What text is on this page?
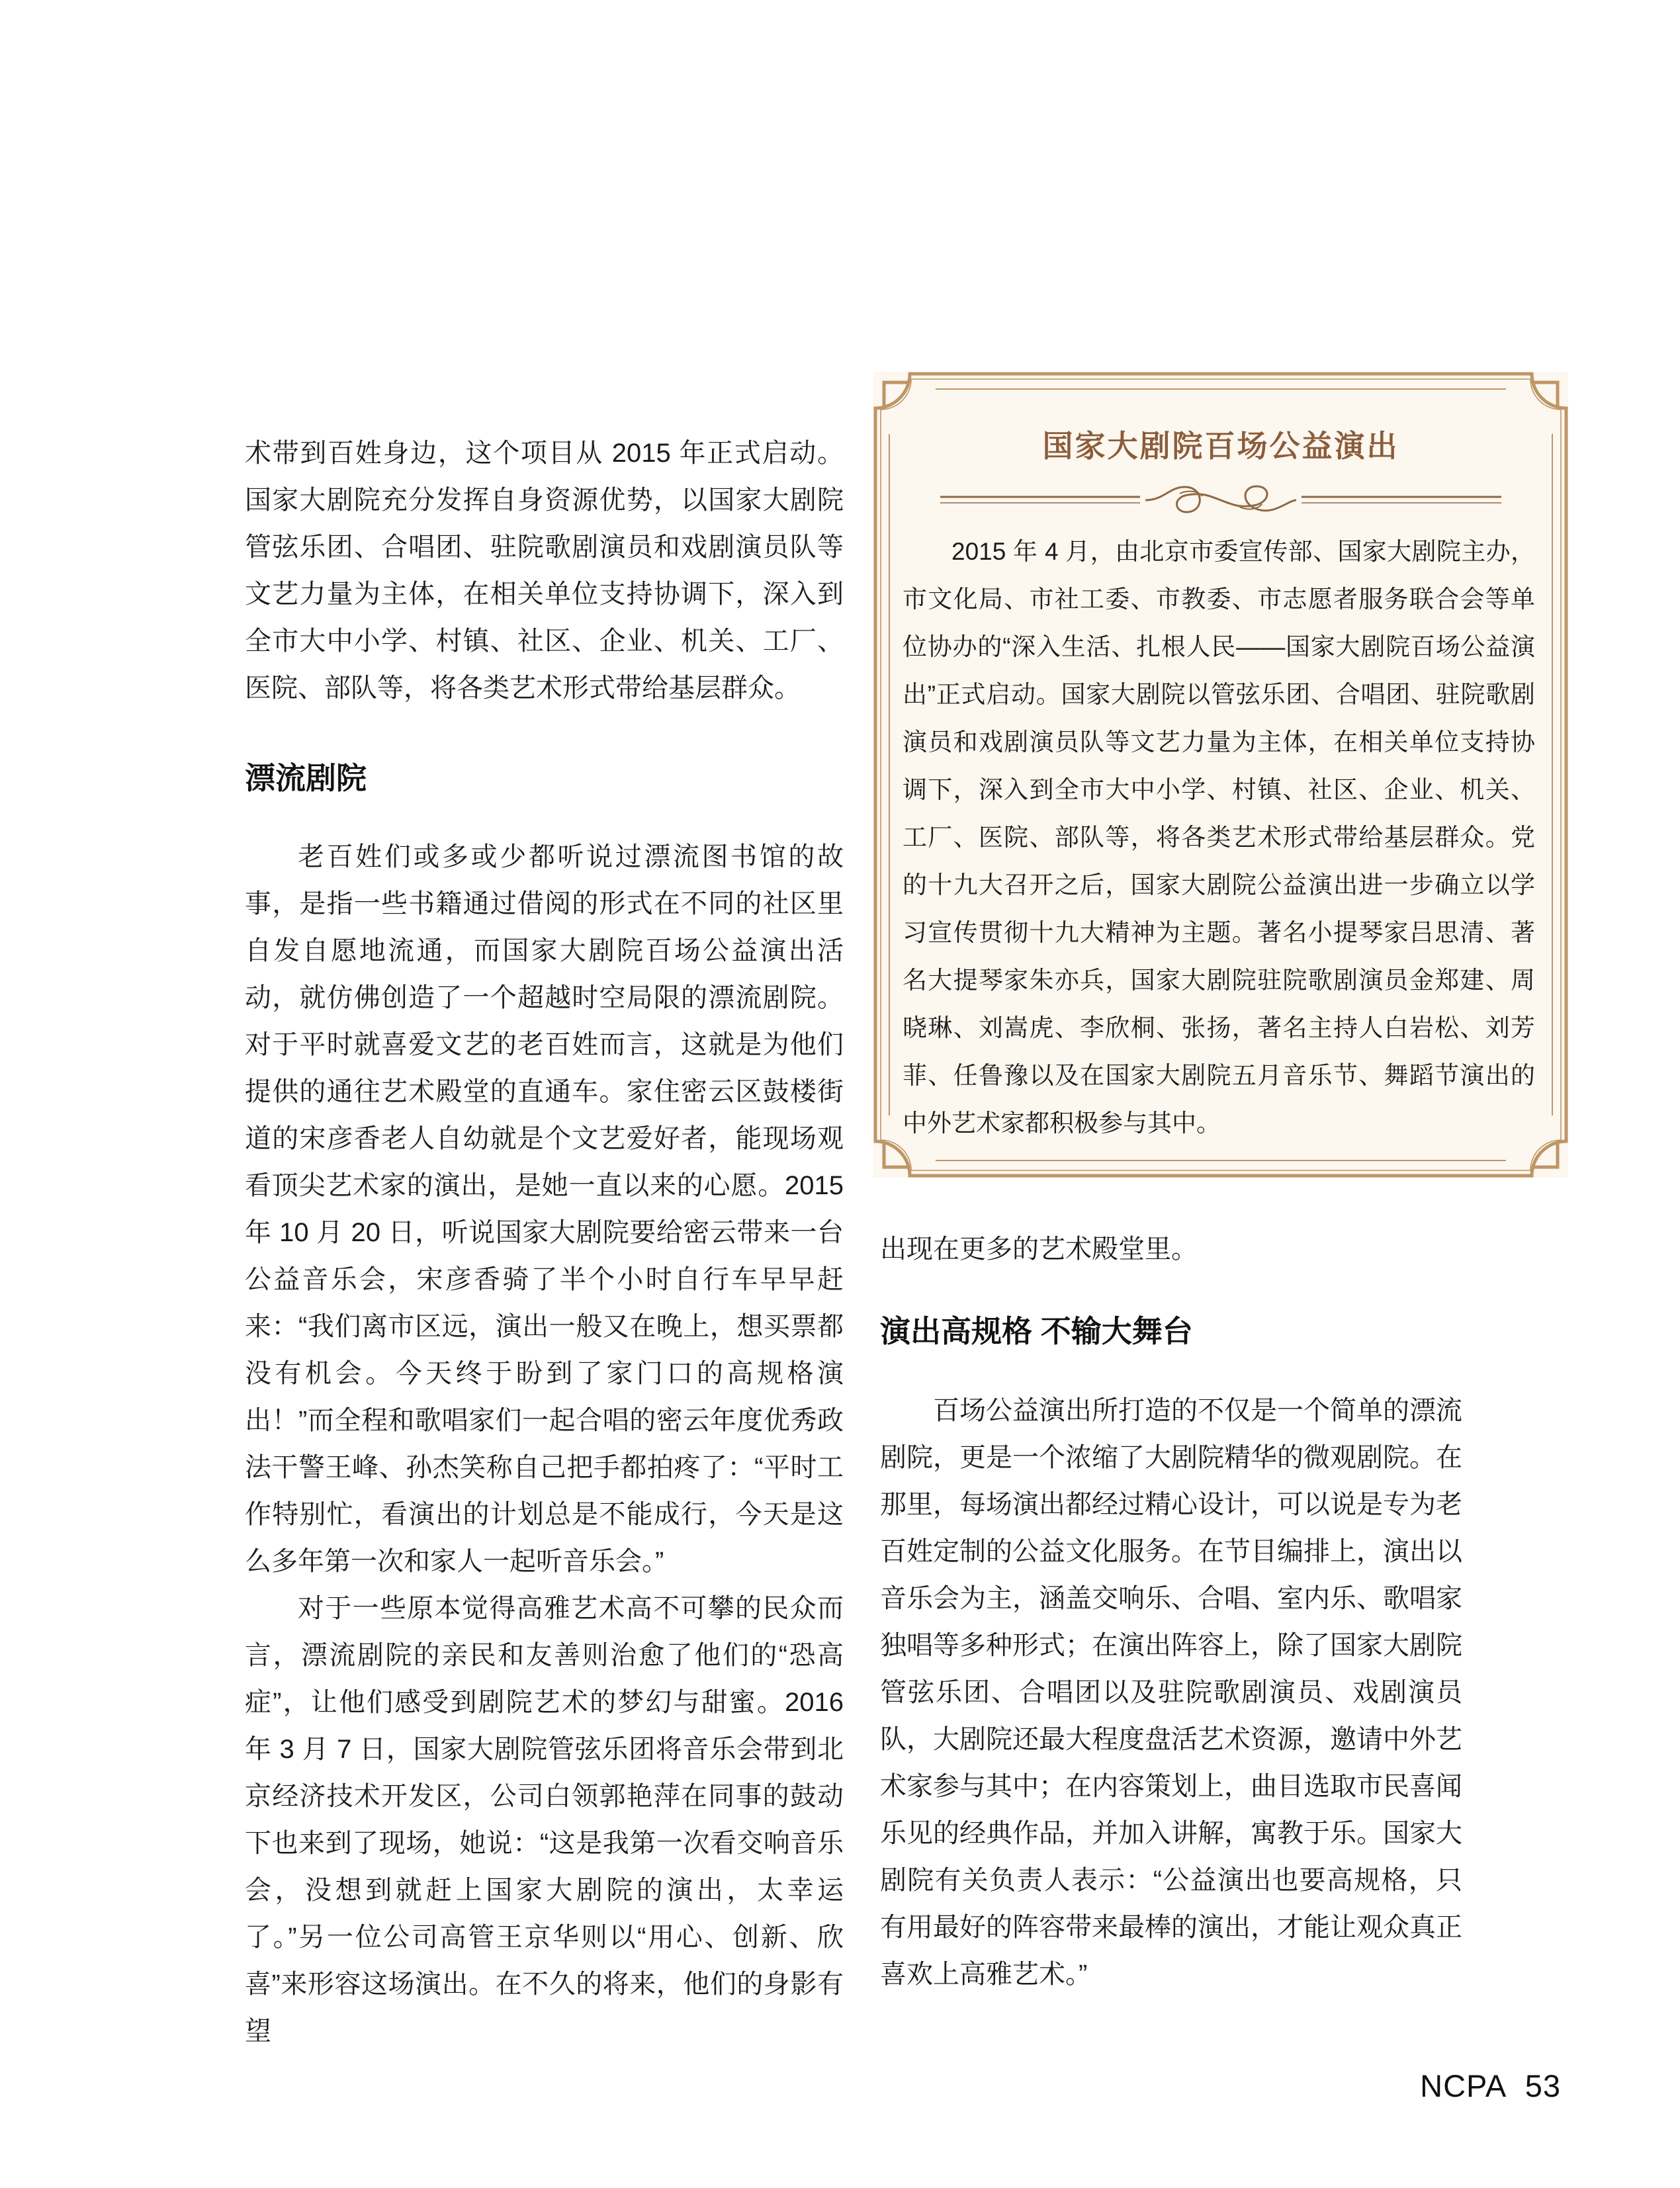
术带到百姓身边，这个项目从 2015 年正式启动。国家大剧院充分发挥自身资源优势，以国家大剧院管弦乐团、合唱团、驻院歌剧演员和戏剧演员队等文艺力量为主体，在相关单位支持协调下，深入到全市大中小学、村镇、社区、企业、机关、工厂、医院、部队等，将各类艺术形式带给基层群众。

漂流剧院

老百姓们或多或少都听说过漂流图书馆的故事，是指一些书籍通过借阅的形式在不同的社区里自发自愿地流通，而国家大剧院百场公益演出活动，就仿佛创造了一个超越时空局限的漂流剧院。对于平时就喜爱文艺的老百姓而言，这就是为他们提供的通往艺术殿堂的直通车。家住密云区鼓楼街道的宋彦香老人自幼就是个文艺爱好者，能现场观看顶尖艺术家的演出，是她一直以来的心愿。2015 年 10 月 20 日，听说国家大剧院要给密云带来一台公益音乐会，宋彦香骑了半个小时自行车早早赶来：“我们离市区远，演出一般又在晚上，想买票都没有机会。今天终于盼到了家门口的高规格演出！”而全程和歌唱家们一起合唱的密云年度优秀政法干警王峰、孙杰笑称自己把手都拍疼了：“平时工作特别忙，看演出的计划总是不能成行，今天是这么多年第一次和家人一起听音乐会。”

对于一些原本觉得高雅艺术高不可攀的民众而言，漂流剧院的亲民和友善则治愈了他们的“恐高症”，让他们感受到剧院艺术的梦幻与甜蜜。2016 年 3 月 7 日，国家大剧院管弦乐团将音乐会带到北京经济技术开发区，公司白领郭艳萍在同事的鼓动下也来到了现场，她说：“这是我第一次看交响音乐会，没想到就赶上国家大剧院的演出，太幸运了。”另一位公司高管王京华则以“用心、创新、欣喜”来形容这场演出。在不久的将来，他们的身影有望

国家大剧院百场公益演出
2015 年 4 月，由北京市委宣传部、国家大剧院主办，市文化局、市社工委、市教委、市志愿者服务联合会等单位协办的“深入生活、扎根人民——国家大剧院百场公益演出”正式启动。国家大剧院以管弦乐团、合唱团、驻院歌剧演员和戏剧演员队等文艺力量为主体，在相关单位支持协调下，深入到全市大中小学、村镇、社区、企业、机关、工厂、医院、部队等，将各类艺术形式带给基层群众。党的十九大召开之后，国家大剧院公益演出进一步确立以学习宣传贯彻十九大精神为主题。著名小提琴家吕思清、著名大提琴家朱亦兵，国家大剧院驻院歌剧演员金郑建、周晓琳、刘嵩虎、李欣桐、张扬，著名主持人白岩松、刘芳菲、任鲁豫以及在国家大剧院五月音乐节、舞蹈节演出的中外艺术家都积极参与其中。

出现在更多的艺术殿堂里。

演出高规格 不输大舞台

百场公益演出所打造的不仅是一个简单的漂流剧院，更是一个浓缩了大剧院精华的微观剧院。在那里，每场演出都经过精心设计，可以说是专为老百姓定制的公益文化服务。在节目编排上，演出以音乐会为主，涵盖交响乐、合唱、室内乐、歌唱家独唱等多种形式；在演出阵容上，除了国家大剧院管弦乐团、合唱团以及驻院歌剧演员、戏剧演员队，大剧院还最大程度盘活艺术资源，邀请中外艺术家参与其中；在内容策划上，曲目选取市民喜闻乐见的经典作品，并加入讲解，寓教于乐。国家大剧院有关负责人表示：“公益演出也要高规格，只有用最好的阵容带来最棒的演出，才能让观众真正喜欢上高雅艺术。”

NCPA 53
